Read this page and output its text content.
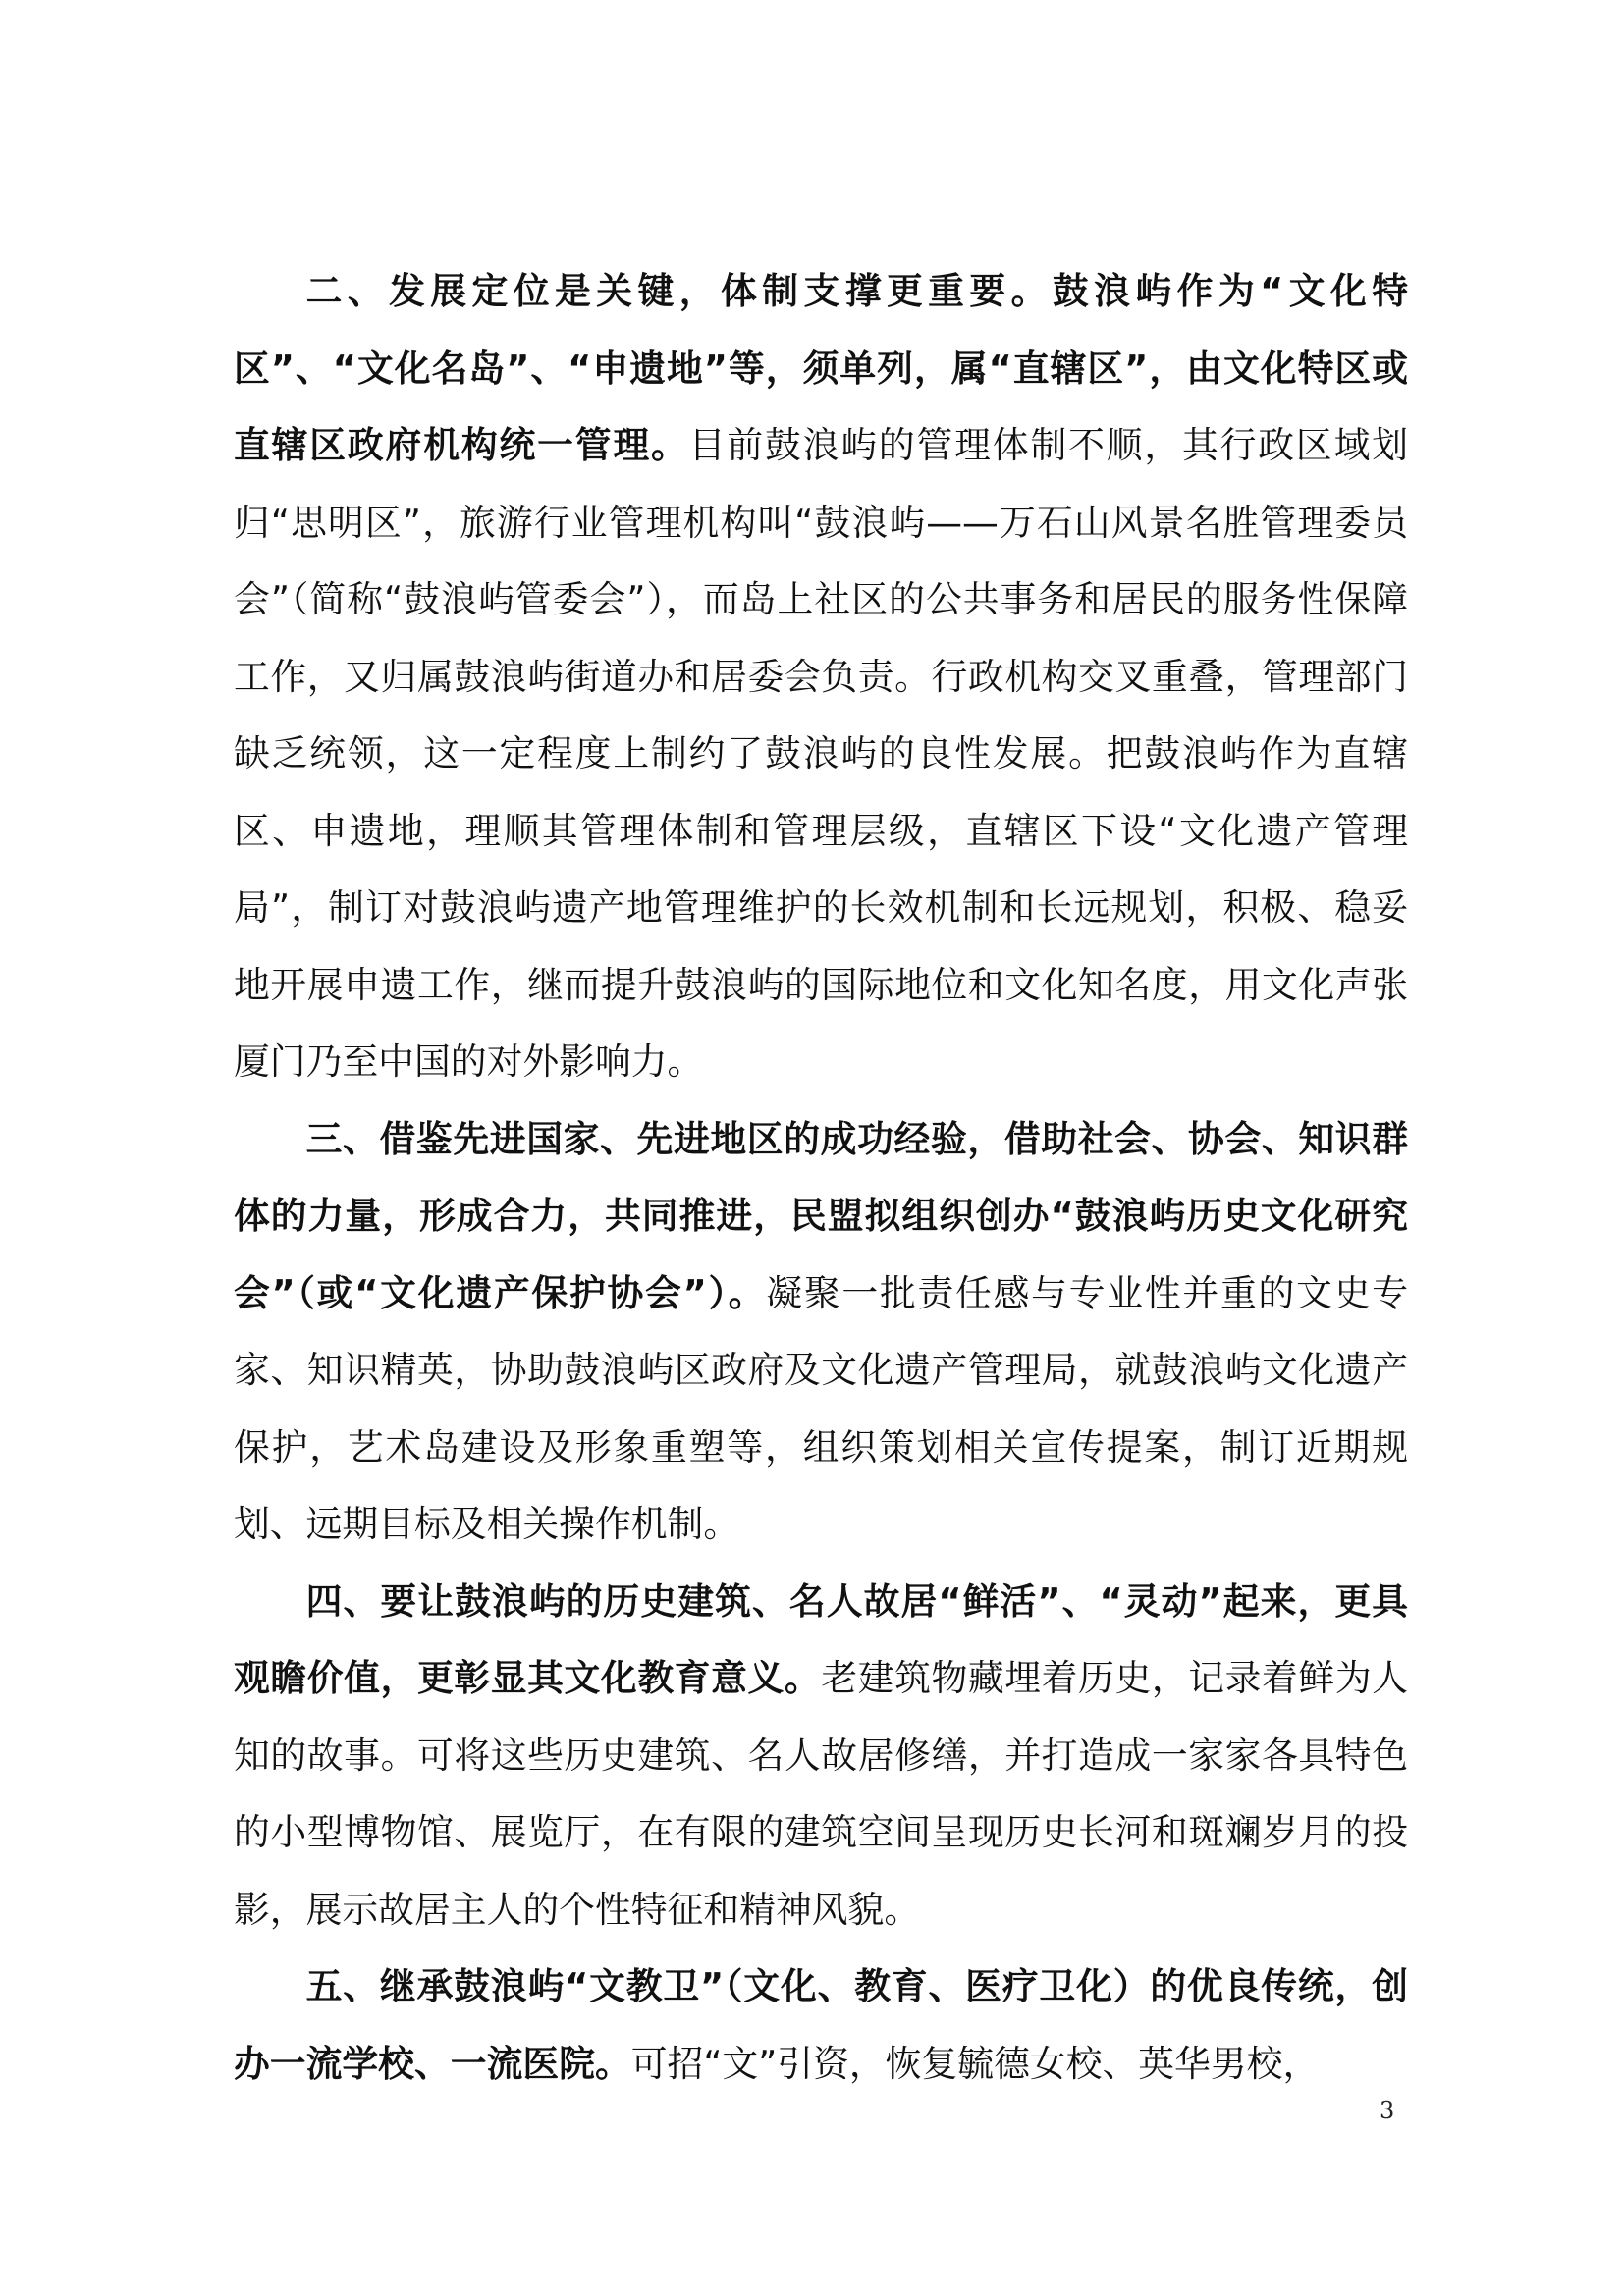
二、发展定位是关键，体制支撑更重要。鼓浪屿作为“文化特区”、“文化名岛”、“申遗地”等，须单列，属“直辖区”，由文化特区或直辖区政府机构统一管理。目前鼓浪屿的管理体制不顺，其行政区域划归“思明区”，旅游行业管理机构叫“鼓浪屿——万石山风景名胜管理委员会”（简称“鼓浪屿管委会”），而岛上社区的公共事务和居民的服务性保障工作，又归属鼓浪屿街道办和居委会负责。行政机构交叉重叠，管理部门缺乏统领，这一定程度上制约了鼓浪屿的良性发展。把鼓浪屿作为直辖区、申遗地，理顺其管理体制和管理层级，直辖区下设“文化遗产管理局”，制订对鼓浪屿遗产地管理维护的长效机制和长远规划，积极、稳妥地开展申遗工作，继而提升鼓浪屿的国际地位和文化知名度，用文化声张厦门乃至中国的对外影响力。

三、借鉴先进国家、先进地区的成功经验，借助社会、协会、知识群体的力量，形成合力，共同推进，民盟拟组织创办“鼓浪屿历史文化研究会”（或“文化遗产保护协会”）。凝聚一批责任感与专业性并重的文史专家、知识精英，协助鼓浪屿区政府及文化遗产管理局，就鼓浪屿文化遗产保护，艺术岛建设及形象重塑等，组织策划相关宣传提案，制订近期规划、远期目标及相关操作机制。

四、要让鼓浪屿的历史建筑、名人故居“鲜活”、“灵动”起来，更具观瞻价值，更彰显其文化教育意义。老建筑物藏埋着历史，记录着鲜为人知的故事。可将这些历史建筑、名人故居修缮，并打造成一家家各具特色的小型博物馆、展览厅，在有限的建筑空间呈现历史长河和斑斓岁月的投影，展示故居主人的个性特征和精神风貌。

五、继承鼓浪屿“文教卫”（文化、教育、医疗卫化）的优良传统，创办一流学校、一流医院。可招“文”引资，恢复毓德女校、英华男校，

3
